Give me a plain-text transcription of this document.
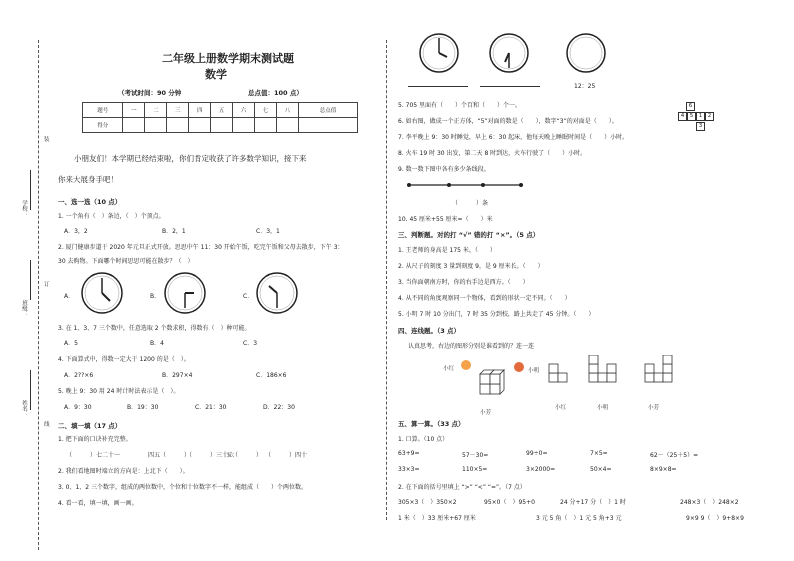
学校：
班级：
姓名：
装
订
线
二年级上册数学期末测试题
数学
（考试时间：90 分钟	总点值：100 点）
题号	一	二	三	四	五	六	七	八	总点值
得分									
小朋友们！本学期已经结束啦，你们肯定收获了许多数学知识，接下来
你来大展身手吧！
一、选一选（10 点）
1. 一个角有（　）条边，（　）个顶点。
A．3，2	B．2，1	C．3，1
2. 厦门健康步道于 2020 年元旦正式开放。思思中午 11：30 开始午饭，吃完午饭和父母去散步，下午 3：
30 去购物。下面哪个时间思思可能在散步？（　）
A．	B．	C．
3. 在 1、3、7 三个数中，任意选取 2 个数求积，得数有（　）种可能。
A．5	B．4	C．3
4. 下面算式中，得数一定大于 1200 的是（　）。
A．2??×6	B．297×4	C．186×6
5. 晚上 9：30 用 24 时计时法表示是（　）。
A．9：30	B．19：30	C．21：30	D．22：30
二、填一填（17 点）
1. 把下面的口诀补充完整。
（　　　）七二十一	四五（　　　）
（　　　）三十六
五（　　　） （　　　）四十
2. 我们看地图时端立的方向是：上北下（　　）。
3. 0、1、2 三个数字，组成的两位数中，个位和十位数字不一样，能组成（　　）个两位数。
4. 看一看，填一填，画一画。
12：25
5. 705 里面有（　　）个百和（　　）个一。
6. 如右图，做成一个正方体，“5”对面的数是（　　），数字“3”的对面是（　　）。
6
4	5	1	2
3
7. 李平晚上 9：30 时睡觉，早上 6：30 起床，他每天晚上睡眠时间是（　　）小时。
8. 火车 19 时 30 出发，第二天 8 时到达，火车行驶了（　　）小时。
9. 数一数下图中各有多少条线段。
（　　　）条
10. 45 厘米+55 厘米=（　　）米
三、判断题。对的打 “√” 错的打 “×”。（5 点）
1. 王老师的身高是 175 米。（　　）
2. 从尺子的刻度 3 量到刻度 9，是 9 厘米长。（　　）
3. 当你面朝南方时，你的右手边是西方。（　　）
4. 从不同的角度观察同一个物体，看到的形状一定不同。（　　）
5. 小明 7 时 10 分出门，7 时 35 分到校，路上共走了 45 分钟。（　　）
四、连线题。（3 点）
认真思考，右边的图形分别是谁看到的？连一连
小红	小明
小芳
小红	小明	小芳
五、算一算。（33 点）
1. 口算。（10 点）
63+9=	57－30=	99÷0=	7×5=	62－（25＋5）=
33×3=	110×5=	3×2000=	50×4=	8×9×8=
2. 在下面的括号里填上 “>” “<” “=”。（7 点）
305×3（　）350×2	95×0（　）95+0	24 分+17 分（　）1 时	248×3（　）248×2
1 米（　）33 厘米+67 厘米	3 元 5 角（　）1 元 5 角+3 元	9×9 9（　）9+8×9
